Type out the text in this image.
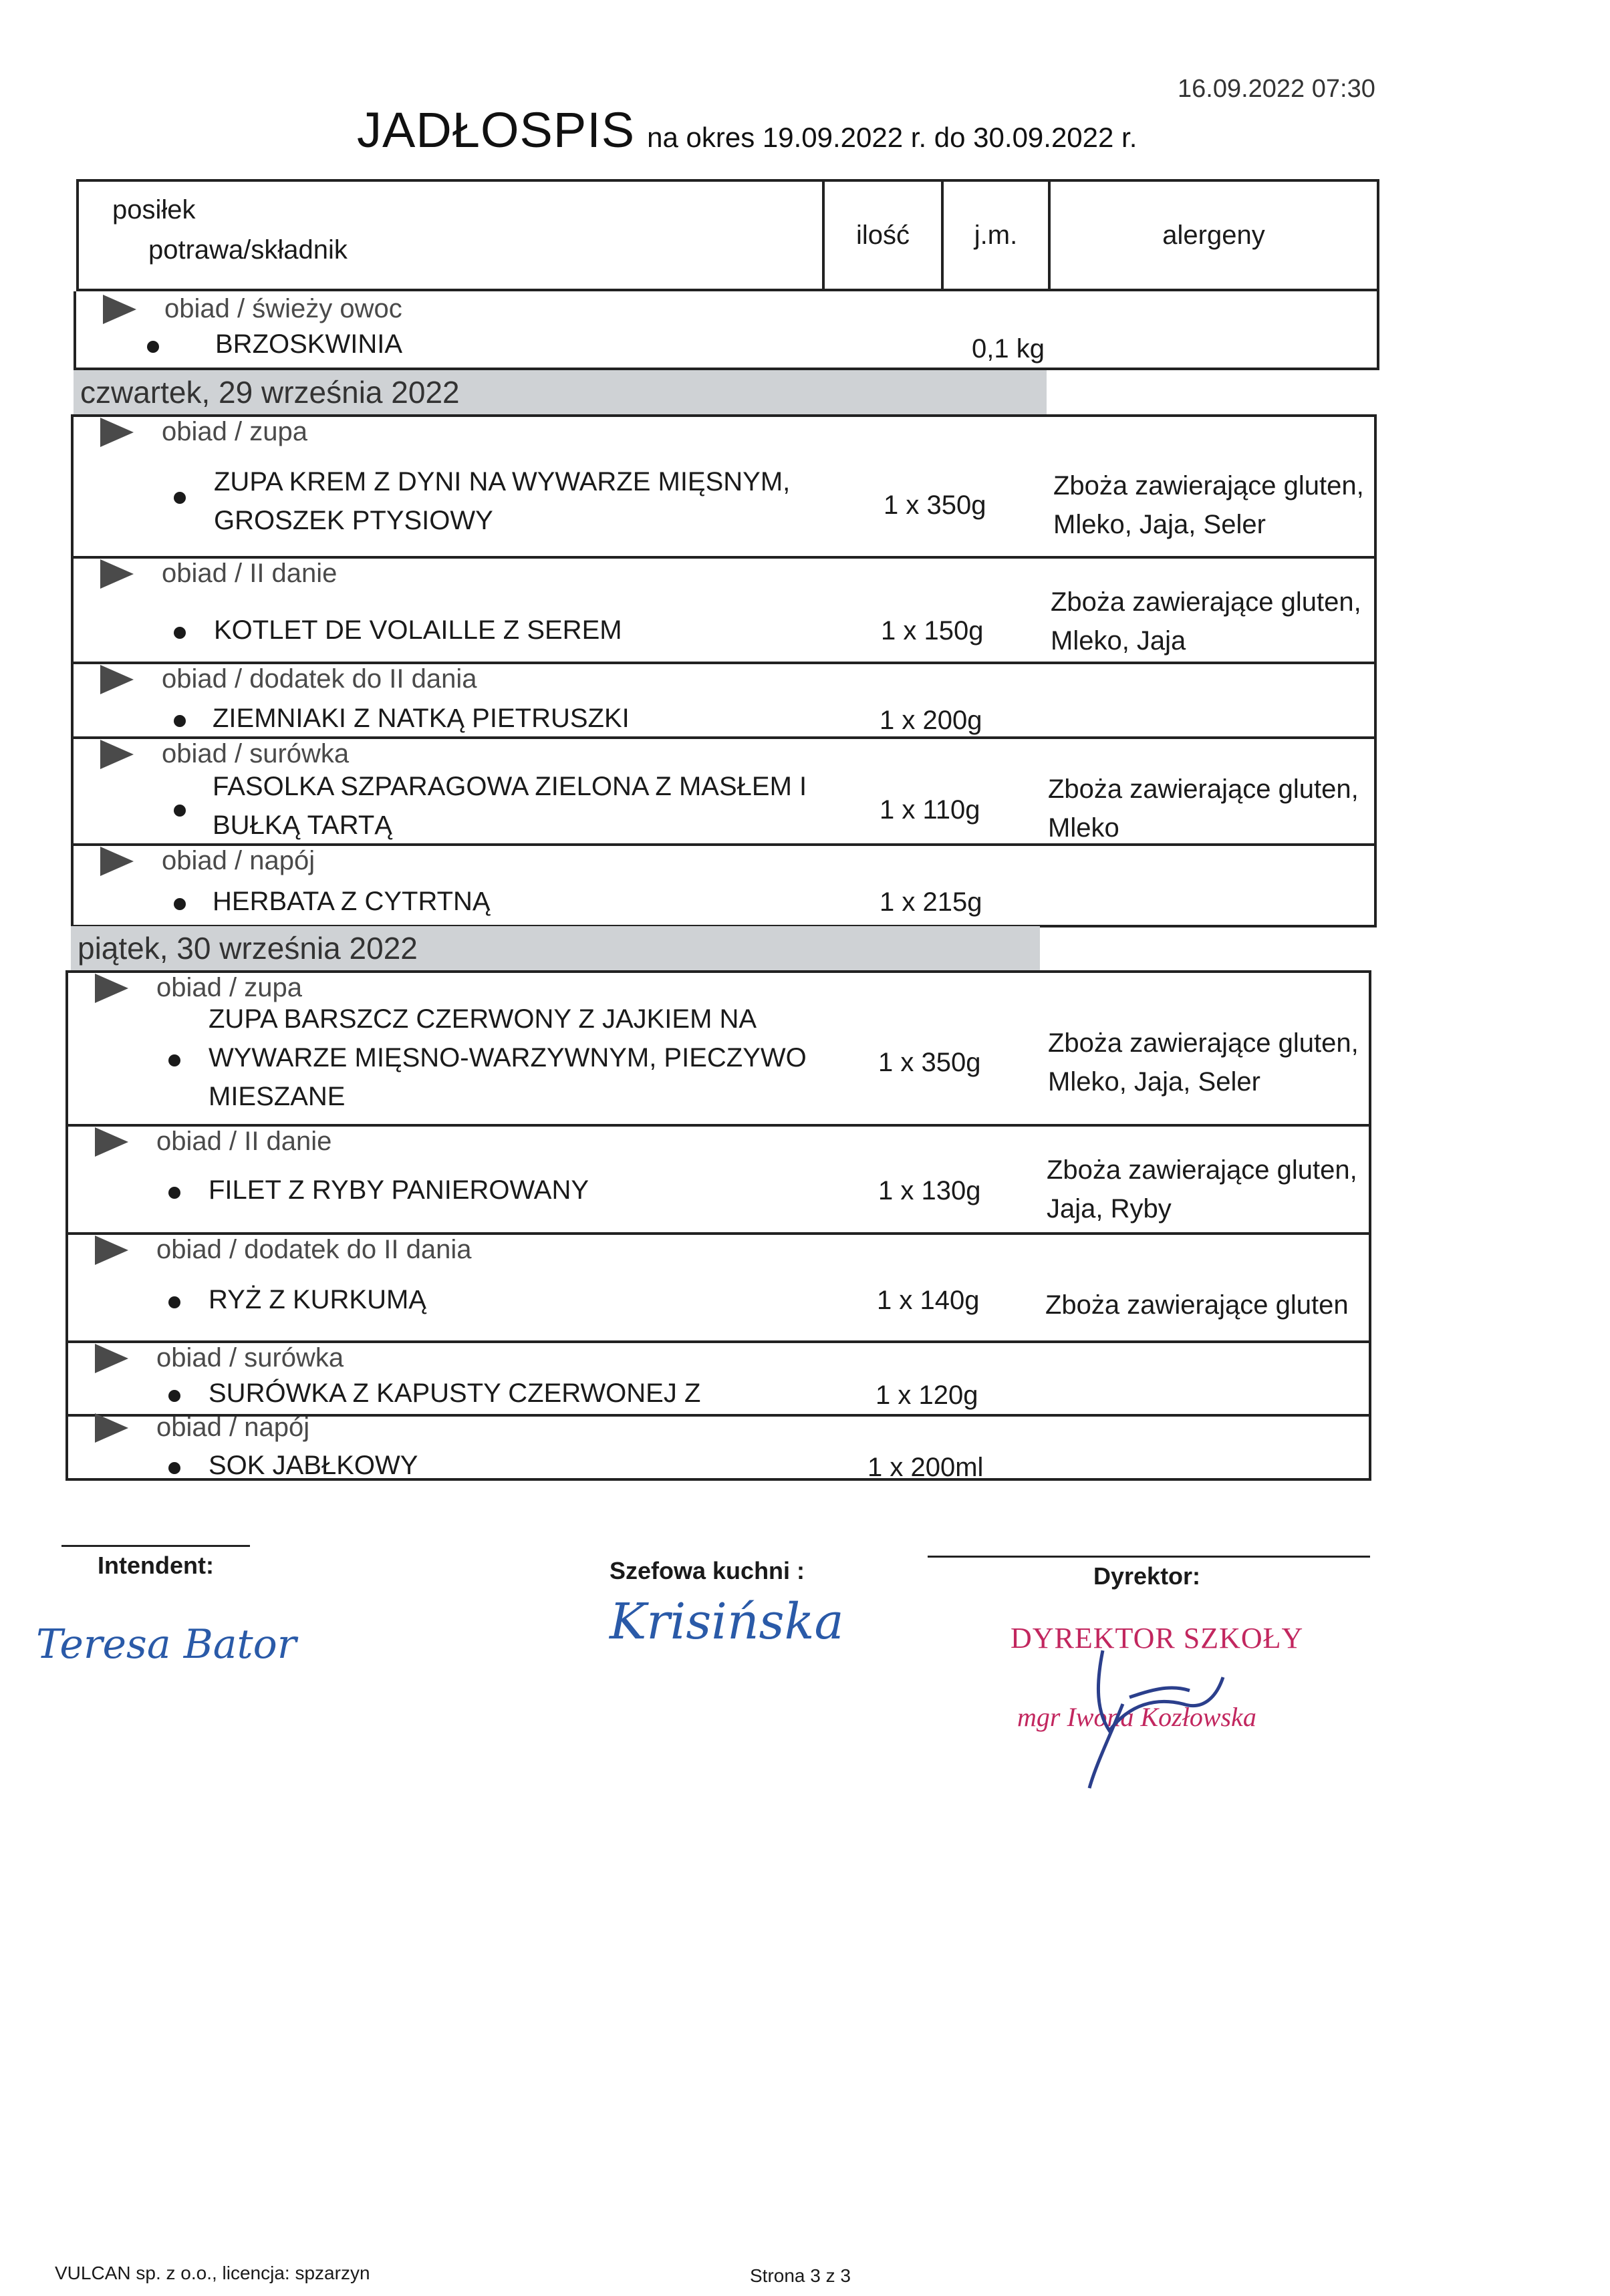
16.09.2022 07:30
JADŁOSPIS na okres 19.09.2022 r. do 30.09.2022 r.
posiłek
potrawa/składnik	ilość	j.m.	alergeny
obiad / świeży owoc
BRZOSKWINIA	0,1 kg
czwartek, 29 września 2022
obiad / zupa
ZUPA KREM Z DYNI NA WYWARZE MIĘSNYM,
GROSZEK PTYSIOWY
1 x 350g
Zboża zawierające gluten,
Mleko, Jaja, Seler
obiad / II danie
KOTLET DE VOLAILLE Z SEREM	1 x 150g
Zboża zawierające gluten,
Mleko, Jaja
obiad / dodatek do II dania
ZIEMNIAKI Z NATKĄ PIETRUSZKI	1 x 200g
obiad / surówka
FASOLKA SZPARAGOWA ZIELONA Z MASŁEM I
BUŁKĄ TARTĄ
1 x 110g
Zboża zawierające gluten,
Mleko
obiad / napój
HERBATA Z CYTRTNĄ	1 x 215g
piątek, 30 września 2022
obiad / zupa
ZUPA BARSZCZ CZERWONY Z JAJKIEM NA
WYWARZE MIĘSNO-WARZYWNYM, PIECZYWO
MIESZANE
1 x 350g
Zboża zawierające gluten,
Mleko, Jaja, Seler
obiad / II danie
FILET Z RYBY PANIEROWANY	1 x 130g
Zboża zawierające gluten,
Jaja, Ryby
obiad / dodatek do II dania
RYŻ Z KURKUMĄ	1 x 140g Zboża zawierające gluten
obiad / surówka
SURÓWKA Z KAPUSTY CZERWONEJ Z	1 x 120g
obiad / napój
SOK JABŁKOWY	1 x 200ml
Intendent:
Teresa Bator
Szefowa kuchni :
Krisińska
Dyrektor:
DYREKTOR SZKOŁY
mgr Iwona Kozłowska
VULCAN sp. z o.o., licencja: spzarzyn	Strona 3 z 3
